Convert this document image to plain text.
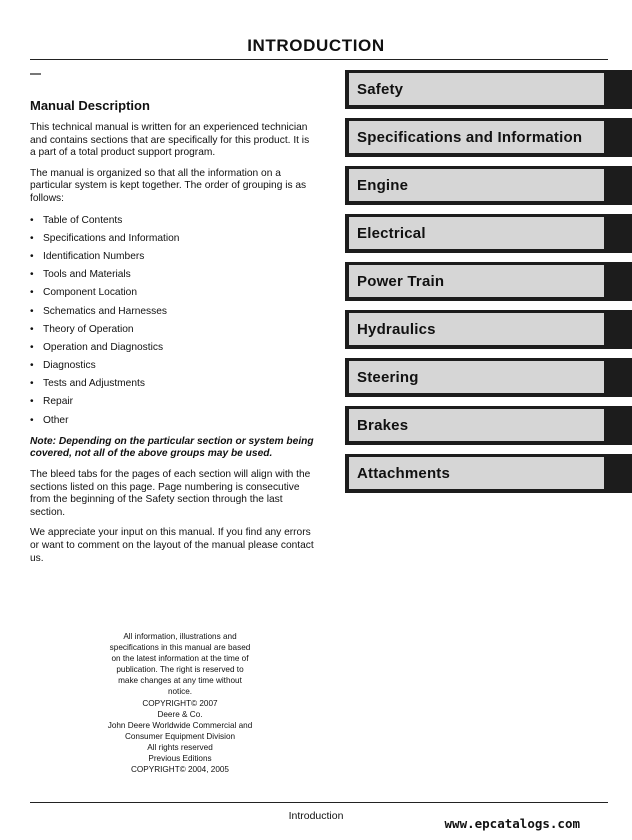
INTRODUCTION
Manual Description

This technical manual is written for an experienced technician and contains sections that are specifically for this product. It is a part of a total product support program.

The manual is organized so that all the information on a particular system is kept together. The order of grouping is as follows:

• Table of Contents
• Specifications and Information
• Identification Numbers
• Tools and Materials
• Component Location
• Schematics and Harnesses
• Theory of Operation
• Operation and Diagnostics
• Diagnostics
• Tests and Adjustments
• Repair
• Other

Note: Depending on the particular section or system being covered, not all of the above groups may be used.

The bleed tabs for the pages of each section will align with the sections listed on this page. Page numbering is consecutive from the beginning of the Safety section through the last section.

We appreciate your input on this manual. If you find any errors or want to comment on the layout of the manual please contact us.

All information, illustrations and
specifications in this manual are based
on the latest information at the time of
publication. The right is reserved to
make changes at any time without
notice.
COPYRIGHT© 2007
Deere & Co.
John Deere Worldwide Commercial and
Consumer Equipment Division
All rights reserved
Previous Editions
COPYRIGHT© 2004, 2005
Safety
Specifications and Information
Engine
Electrical
Power Train
Hydraulics
Steering
Brakes
Attachments
Introduction	www.epcatalogs.com
